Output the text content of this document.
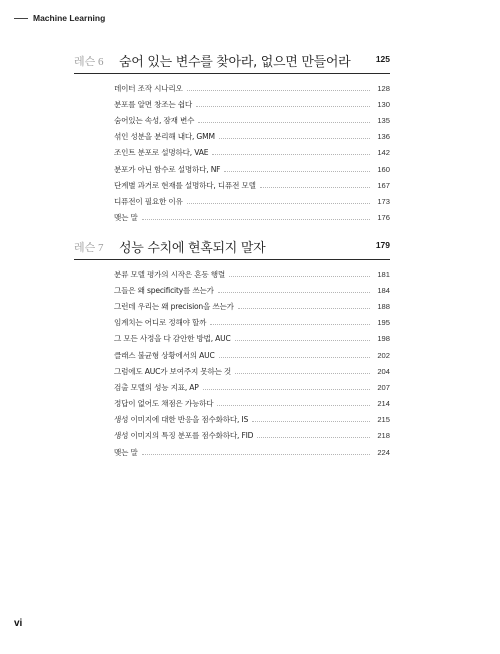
Machine Learning
레슨 6 숨어 있는 변수를 찾아라, 없으면 만들어라	125
데이터 조작 시나리오	128
분포를 알면 창조는 쉽다	130
숨어있는 속성, 잠재 변수	135
섞인 성분을 분리해 내다, GMM	136
조인트 분포로 설명하다, VAE	142
분포가 아닌 함수로 설명하다, NF	160
단계별 과거로 현재를 설명하다, 디퓨전 모델	167
디퓨전이 필요한 이유	173
맺는 말	176
레슨 7 성능 수치에 현혹되지 말자	179
분류 모델 평가의 시작은 혼동 행렬	181
그들은 왜 specificity를 쓰는가	184
그런데 우리는 왜 precision을 쓰는가	188
임계치는 어디로 정해야 할까	195
그 모든 사정을 다 감안한 방법, AUC	198
클래스 불균형 상황에서의 AUC	202
그럼에도 AUC가 보여주지 못하는 것	204
검출 모델의 성능 지표, AP	207
정답이 없어도 채점은 가능하다	214
생성 이미지에 대한 반응을 점수화하다, IS	215
생성 이미지의 특징 분포를 점수화하다, FID	218
맺는 말	224
vi
